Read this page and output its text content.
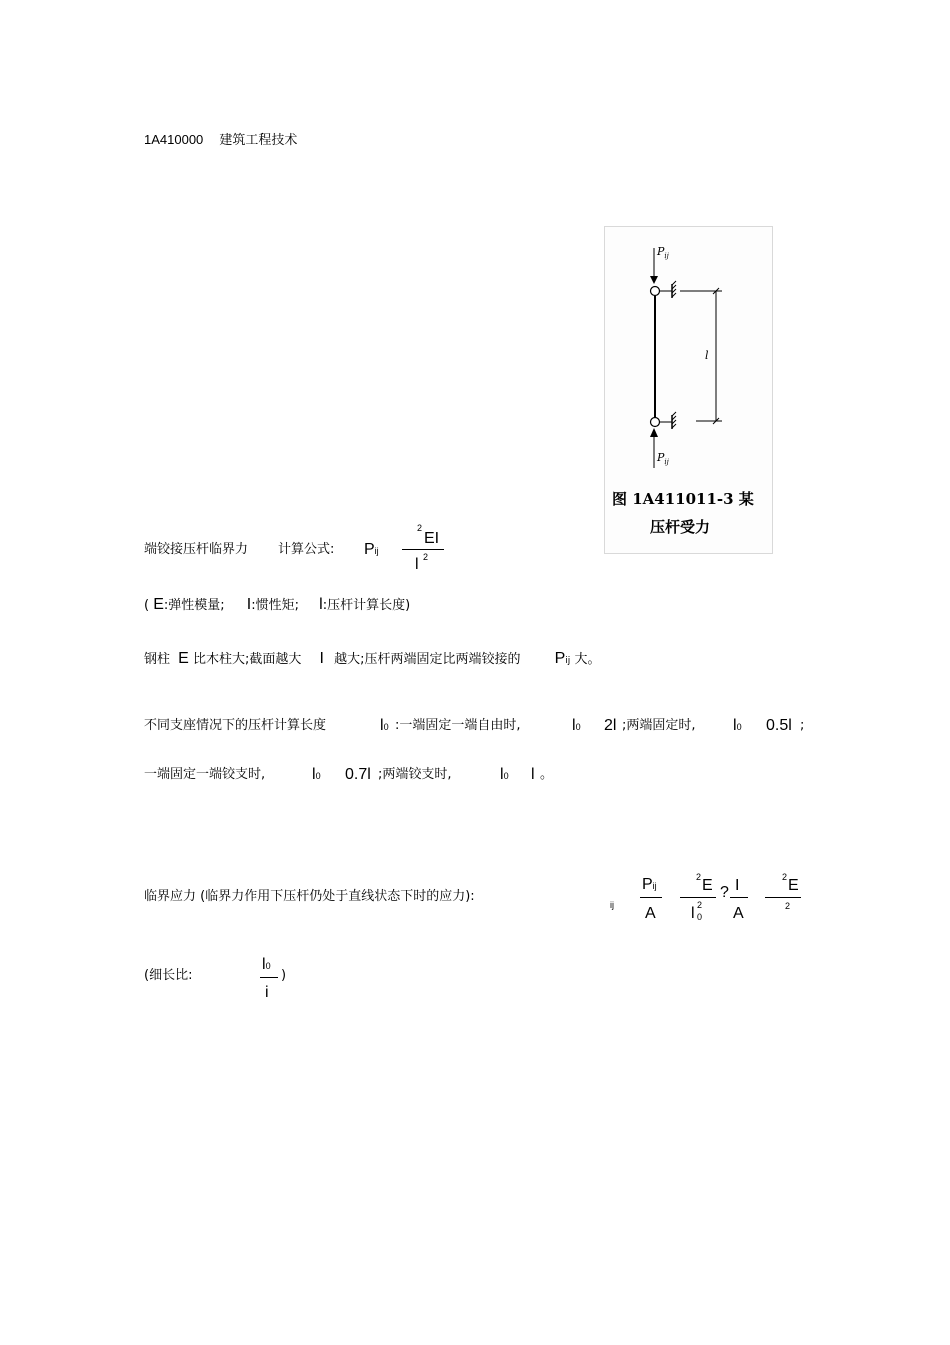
1A410000 建筑工程技术
$P_{ij}$
l
$P_{ij}$
图 1A411011-3 某
压杆受力
端铰接压杆临界力 计算公式: Pij
2
EI
l 2
( E:弹性模量; I:惯性矩; l:压杆计算长度)
钢柱 E 比木柱大;截面越大 I 越大;压杆两端固定比两端铰接的 Pij 大。
不同支座情况下的压杆计算长度	l0 :一端固定一端自由时,	l0 2l ;两端固定时, l0 0.5l ;
一端固定一端铰支时,	l0 0.7l ;两端铰支时,	l0 l 。
临界应力 (临界力作用下压杆仍处于直线状态下时的应力):
ij
Pij
A
2 E
l 2
0
? I
A
2 E
2
(细长比:
l0
i
)
